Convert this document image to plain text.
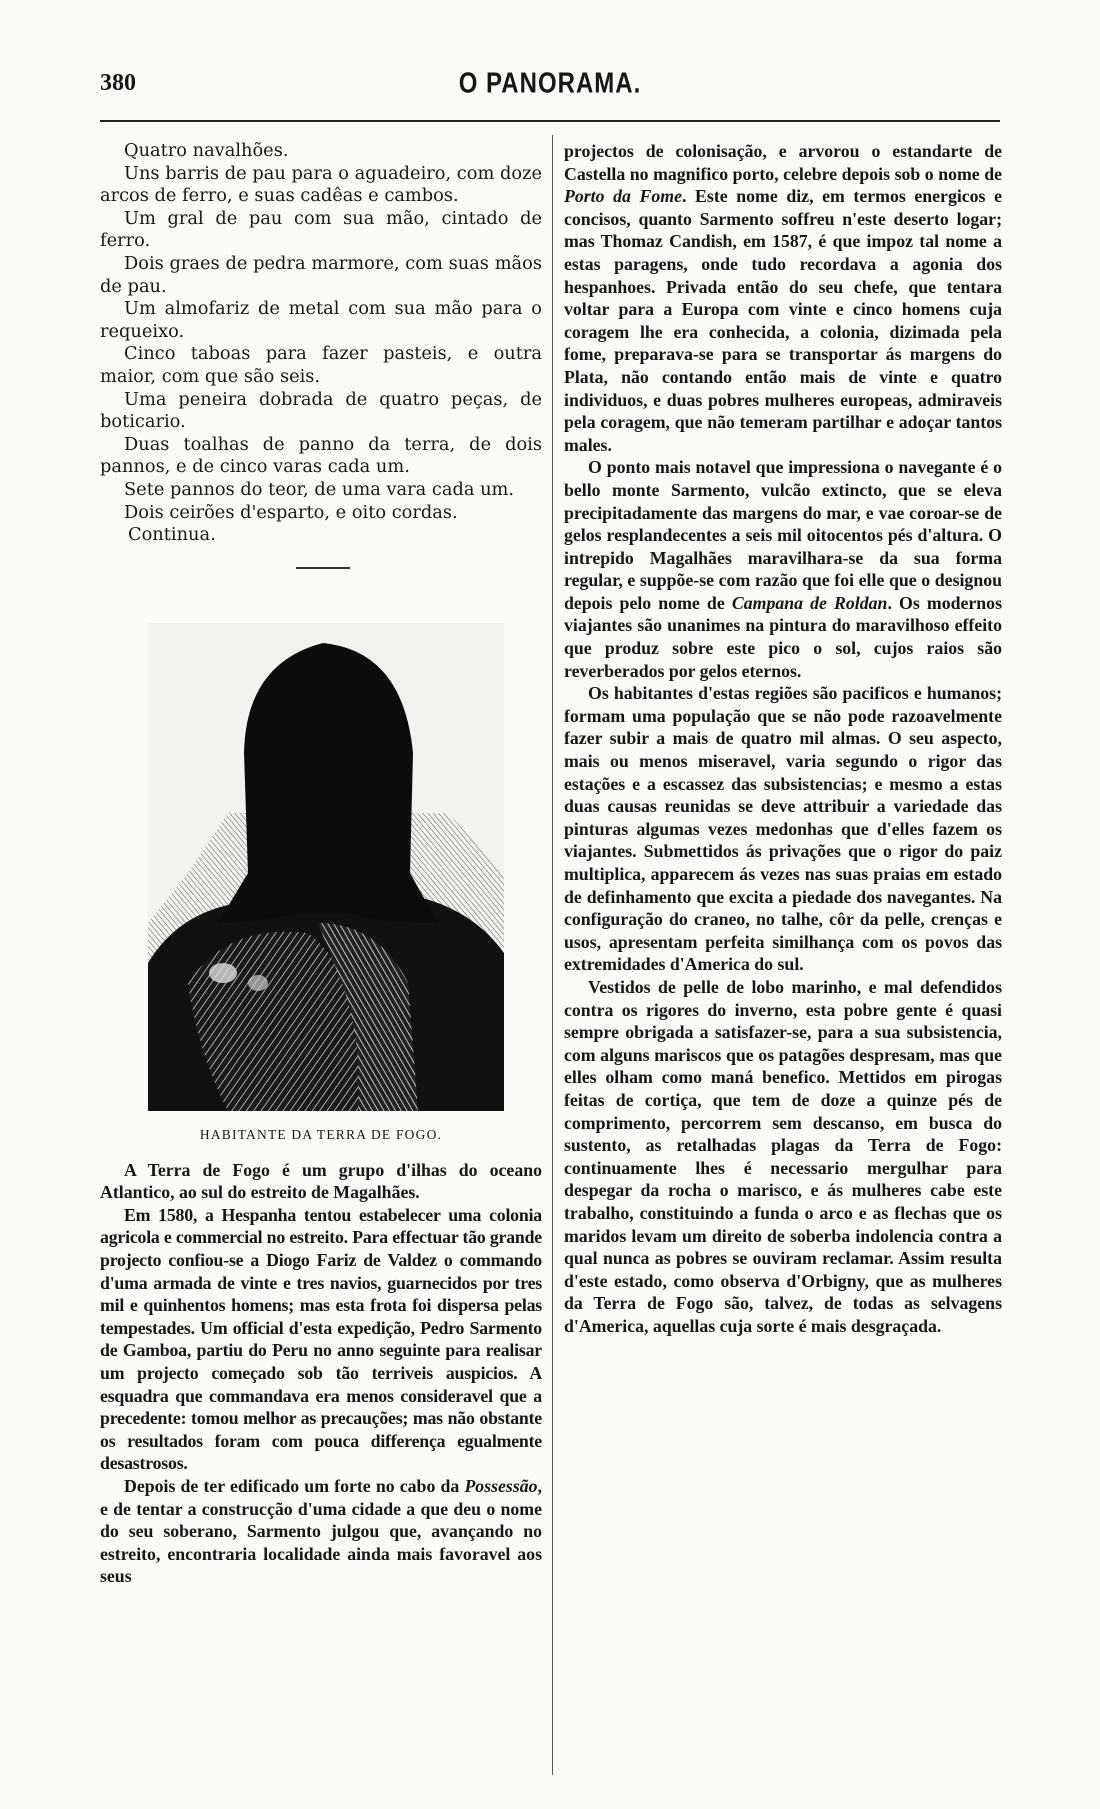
380	O PANORAMA.

Quatro navalhões.

Uns barris de pau para o aguadeiro, com doze arcos de ferro, e suas cadêas e cambos.

Um gral de pau com sua mão, cintado de ferro.

Dois graes de pedra marmore, com suas mãos de pau.

Um almofariz de metal com sua mão para o requeixo.

Cinco taboas para fazer pasteis, e outra maior, com que são seis.

Uma peneira dobrada de quatro peças, de boticario.

Duas toalhas de panno da terra, de dois pannos, e de cinco varas cada um.

Sete pannos do teor, de uma vara cada um.

Dois ceirões d'esparto, e oito cordas.

Continua.

HABITANTE DA TERRA DE FOGO.

A Terra de Fogo é um grupo d'ilhas do oceano Atlantico, ao sul do estreito de Magalhães.

Em 1580, a Hespanha tentou estabelecer uma colonia agricola e commercial no estreito. Para effectuar tão grande projecto confiou-se a Diogo Fariz de Valdez o commando d'uma armada de vinte e tres navios, guarnecidos por tres mil e quinhentos homens; mas esta frota foi dispersa pelas tempestades. Um official d'esta expedição, Pedro Sarmento de Gamboa, partiu do Peru no anno seguinte para realisar um projecto começado sob tão terriveis auspicios. A esquadra que commandava era menos consideravel que a precedente: tomou melhor as precauções; mas não obstante os resultados foram com pouca differença egualmente desastrosos.

Depois de ter edificado um forte no cabo da Possessão, e de tentar a construcção d'uma cidade a que deu o nome do seu soberano, Sarmento julgou que, avançando no estreito, encontraria localidade ainda mais favoravel aos seus

projectos de colonisação, e arvorou o estandarte de Castella no magnifico porto, celebre depois sob o nome de Porto da Fome. Este nome diz, em termos energicos e concisos, quanto Sarmento soffreu n'este deserto logar; mas Thomaz Candish, em 1587, é que impoz tal nome a estas paragens, onde tudo recordava a agonia dos hespanhoes. Privada então do seu chefe, que tentara voltar para a Europa com vinte e cinco homens cuja coragem lhe era conhecida, a colonia, dizimada pela fome, preparava-se para se transportar ás margens do Plata, não contando então mais de vinte e quatro individuos, e duas pobres mulheres europeas, admiraveis pela coragem, que não temeram partilhar e adoçar tantos males.

O ponto mais notavel que impressiona o navegante é o bello monte Sarmento, vulcão extincto, que se eleva precipitadamente das margens do mar, e vae coroar-se de gelos resplandecentes a seis mil oitocentos pés d'altura. O intrepido Magalhães maravilhara-se da sua forma regular, e suppõe-se com razão que foi elle que o designou depois pelo nome de Campana de Roldan. Os modernos viajantes são unanimes na pintura do maravilhoso effeito que produz sobre este pico o sol, cujos raios são reverberados por gelos eternos.

Os habitantes d'estas regiões são pacificos e humanos; formam uma população que se não pode razoavelmente fazer subir a mais de quatro mil almas. O seu aspecto, mais ou menos miseravel, varia segundo o rigor das estações e a escassez das subsistencias; e mesmo a estas duas causas reunidas se deve attribuir a variedade das pinturas algumas vezes medonhas que d'elles fazem os viajantes. Submettidos ás privações que o rigor do paiz multiplica, apparecem ás vezes nas suas praias em estado de definhamento que excita a piedade dos navegantes. Na configuração do craneo, no talhe, côr da pelle, crenças e usos, apresentam perfeita similhança com os povos das extremidades d'America do sul.

Vestidos de pelle de lobo marinho, e mal defendidos contra os rigores do inverno, esta pobre gente é quasi sempre obrigada a satisfazer-se, para a sua subsistencia, com alguns mariscos que os patagões despresam, mas que elles olham como maná benefico. Mettidos em pirogas feitas de cortiça, que tem de doze a quinze pés de comprimento, percorrem sem descanso, em busca do sustento, as retalhadas plagas da Terra de Fogo: continuamente lhes é necessario mergulhar para despegar da rocha o marisco, e ás mulheres cabe este trabalho, constituindo a funda o arco e as flechas que os maridos levam um direito de soberba indolencia contra a qual nunca as pobres se ouviram reclamar. Assim resulta d'este estado, como observa d'Orbigny, que as mulheres da Terra de Fogo são, talvez, de todas as selvagens d'America, aquellas cuja sorte é mais desgraçada.
